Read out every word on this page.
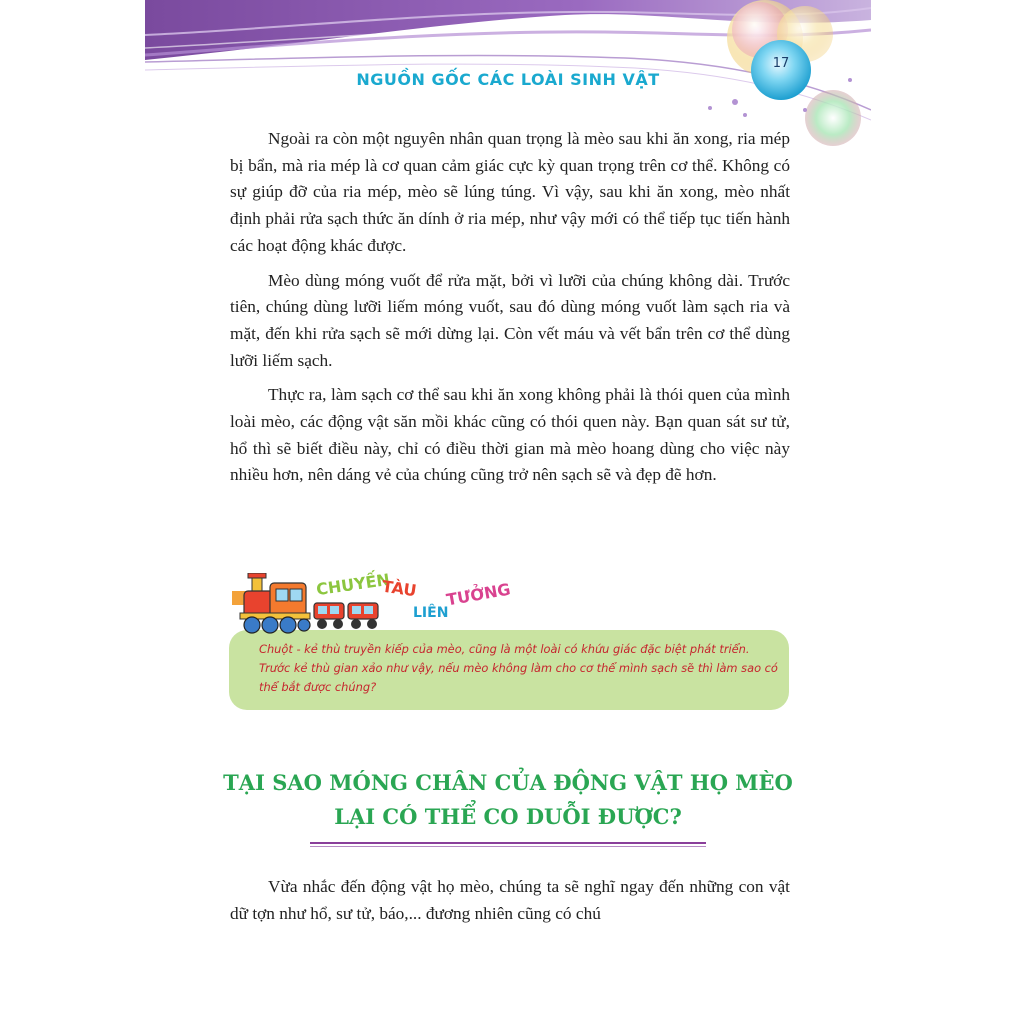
NGUỒN GỐC CÁC LOÀI SINH VẬT
17

Ngoài ra còn một nguyên nhân quan trọng là mèo sau khi ăn xong, ria mép bị bẩn, mà ria mép là cơ quan cảm giác cực kỳ quan trọng trên cơ thể. Không có sự giúp đỡ của ria mép, mèo sẽ lúng túng. Vì vậy, sau khi ăn xong, mèo nhất định phải rửa sạch thức ăn dính ở ria mép, như vậy mới có thể tiếp tục tiến hành các hoạt động khác được.

Mèo dùng móng vuốt để rửa mặt, bởi vì lưỡi của chúng không dài. Trước tiên, chúng dùng lưỡi liếm móng vuốt, sau đó dùng móng vuốt làm sạch ria và mặt, đến khi rửa sạch sẽ mới dừng lại. Còn vết máu và vết bẩn trên cơ thể dùng lưỡi liếm sạch.

Thực ra, làm sạch cơ thể sau khi ăn xong không phải là thói quen của mình loài mèo, các động vật săn mồi khác cũng có thói quen này. Bạn quan sát sư tử, hổ thì sẽ biết điều này, chỉ có điều thời gian mà mèo hoang dùng cho việc này nhiều hơn, nên dáng vẻ của chúng cũng trở nên sạch sẽ và đẹp đẽ hơn.

Chuột - kẻ thù truyền kiếp của mèo, cũng là một loài có khứu giác đặc biệt phát triển.
Trước kẻ thù gian xảo như vậy, nếu mèo không làm cho cơ thể mình sạch sẽ thì làm sao có
thể bắt được chúng?
CHUYẾN
TÀU
LIÊN
TƯỞNG
TẠI SAO MÓNG CHÂN CỦA ĐỘNG VẬT HỌ MÈO
LẠI CÓ THỂ CO DUỖI ĐƯỢC?

Vừa nhắc đến động vật họ mèo, chúng ta sẽ nghĩ ngay đến những con vật dữ tợn như hổ, sư tử, báo,... đương nhiên cũng có chú
